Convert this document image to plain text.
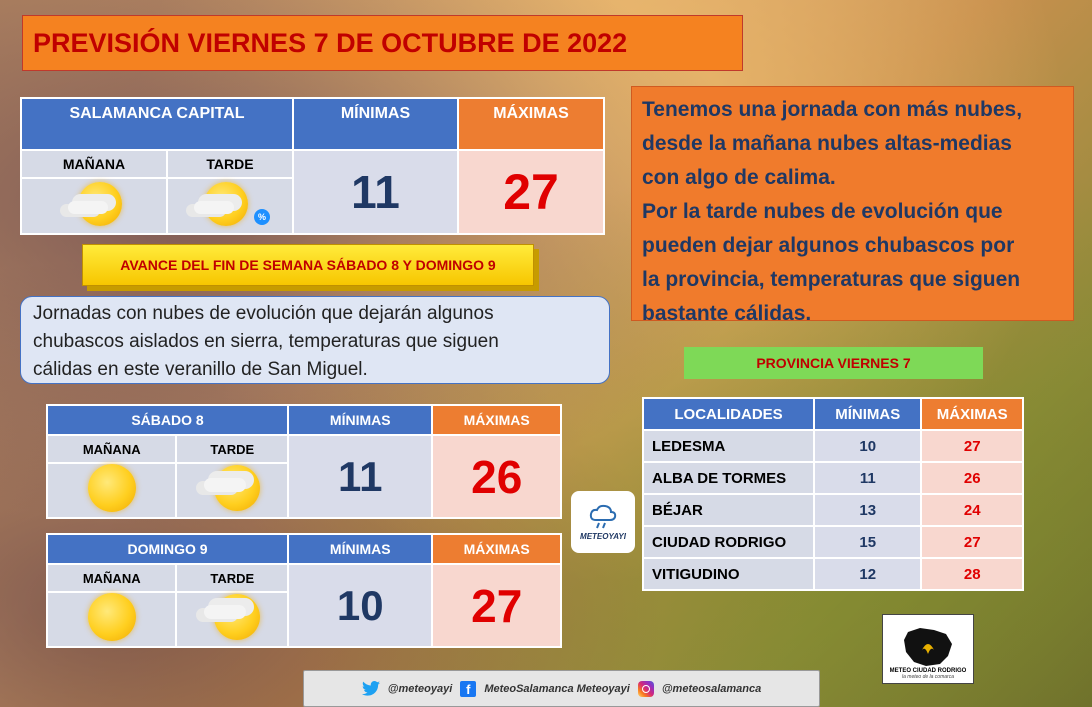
PREVISIÓN VIERNES 7 DE OCTUBRE DE 2022
SALAMANCA CAPITAL		MÍNIMAS	MÁXIMAS
MAÑANA	TARDE	11	27

%		
Tenemos una jornada con más nubes,
desde la mañana nubes altas-medias
con algo de calima.
Por la tarde nubes de evolución que
pueden dejar algunos chubascos por
la provincia, temperaturas que siguen
bastante cálidas.
AVANCE DEL FIN DE SEMANA SÁBADO 8 Y DOMINGO 9
Jornadas con nubes de evolución que dejarán algunos
chubascos aislados en sierra, temperaturas que siguen
cálidas en este veranillo de San Miguel.
SÁBADO 8		MÍNIMAS	MÁXIMAS
MAÑANA	TARDE	11	26

DOMINGO 9		MÍNIMAS	MÁXIMAS
MAÑANA	TARDE	10	27

METEOYAYI
PROVINCIA VIERNES 7
LOCALIDADES	MÍNIMAS	MÁXIMAS
LEDESMA	10	27
ALBA DE TORMES	11	26
BÉJAR	13	24
CIUDAD RODRIGO	15	27
VITIGUDINO	12	28
METEO CIUDAD RODRIGO
la meteo de la comarca
@meteoyayi	f	MeteoSalamanca Meteoyayi	@meteosalamanca
